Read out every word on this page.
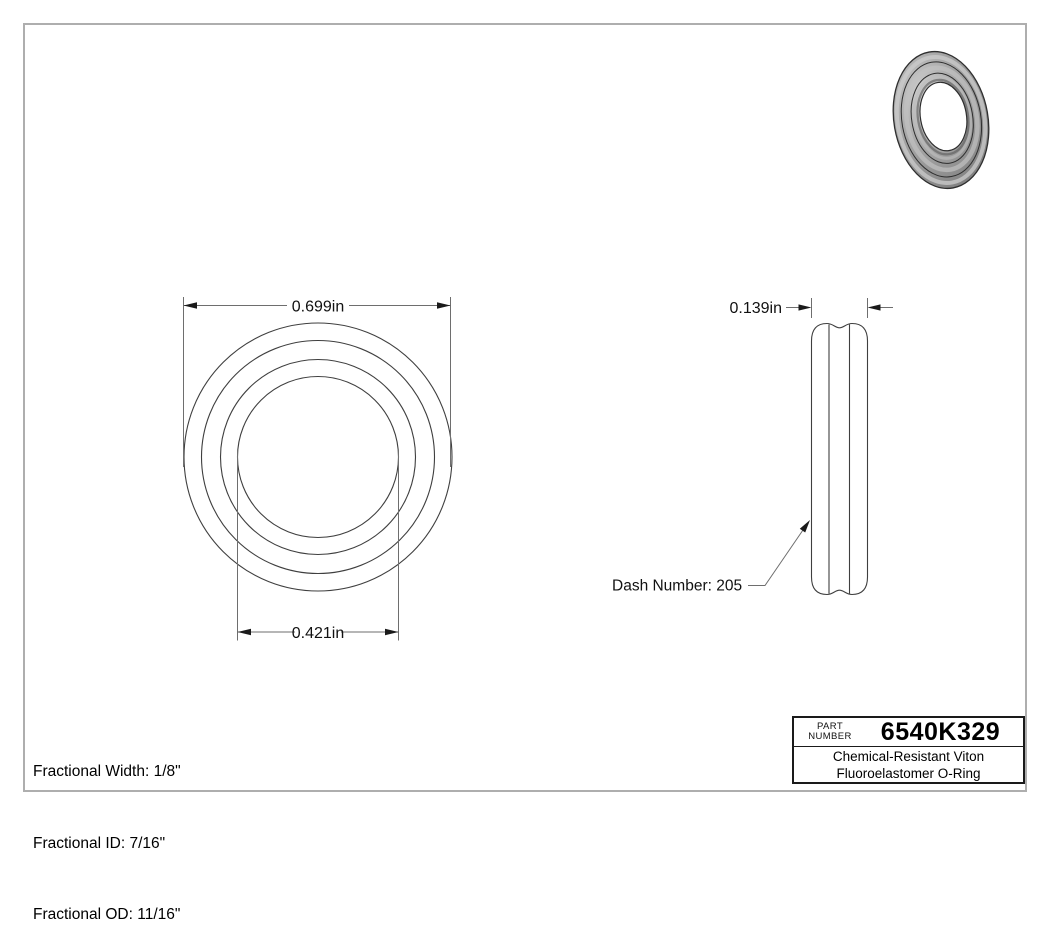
0.699in
0.421in
0.139in
Dash Number: 205

Fractional Width: 1/8"

Fractional ID: 7/16"

Fractional OD: 11/16"

PART
NUMBER	6540K329
Chemical-Resistant Viton
Fluoroelastomer O-Ring
